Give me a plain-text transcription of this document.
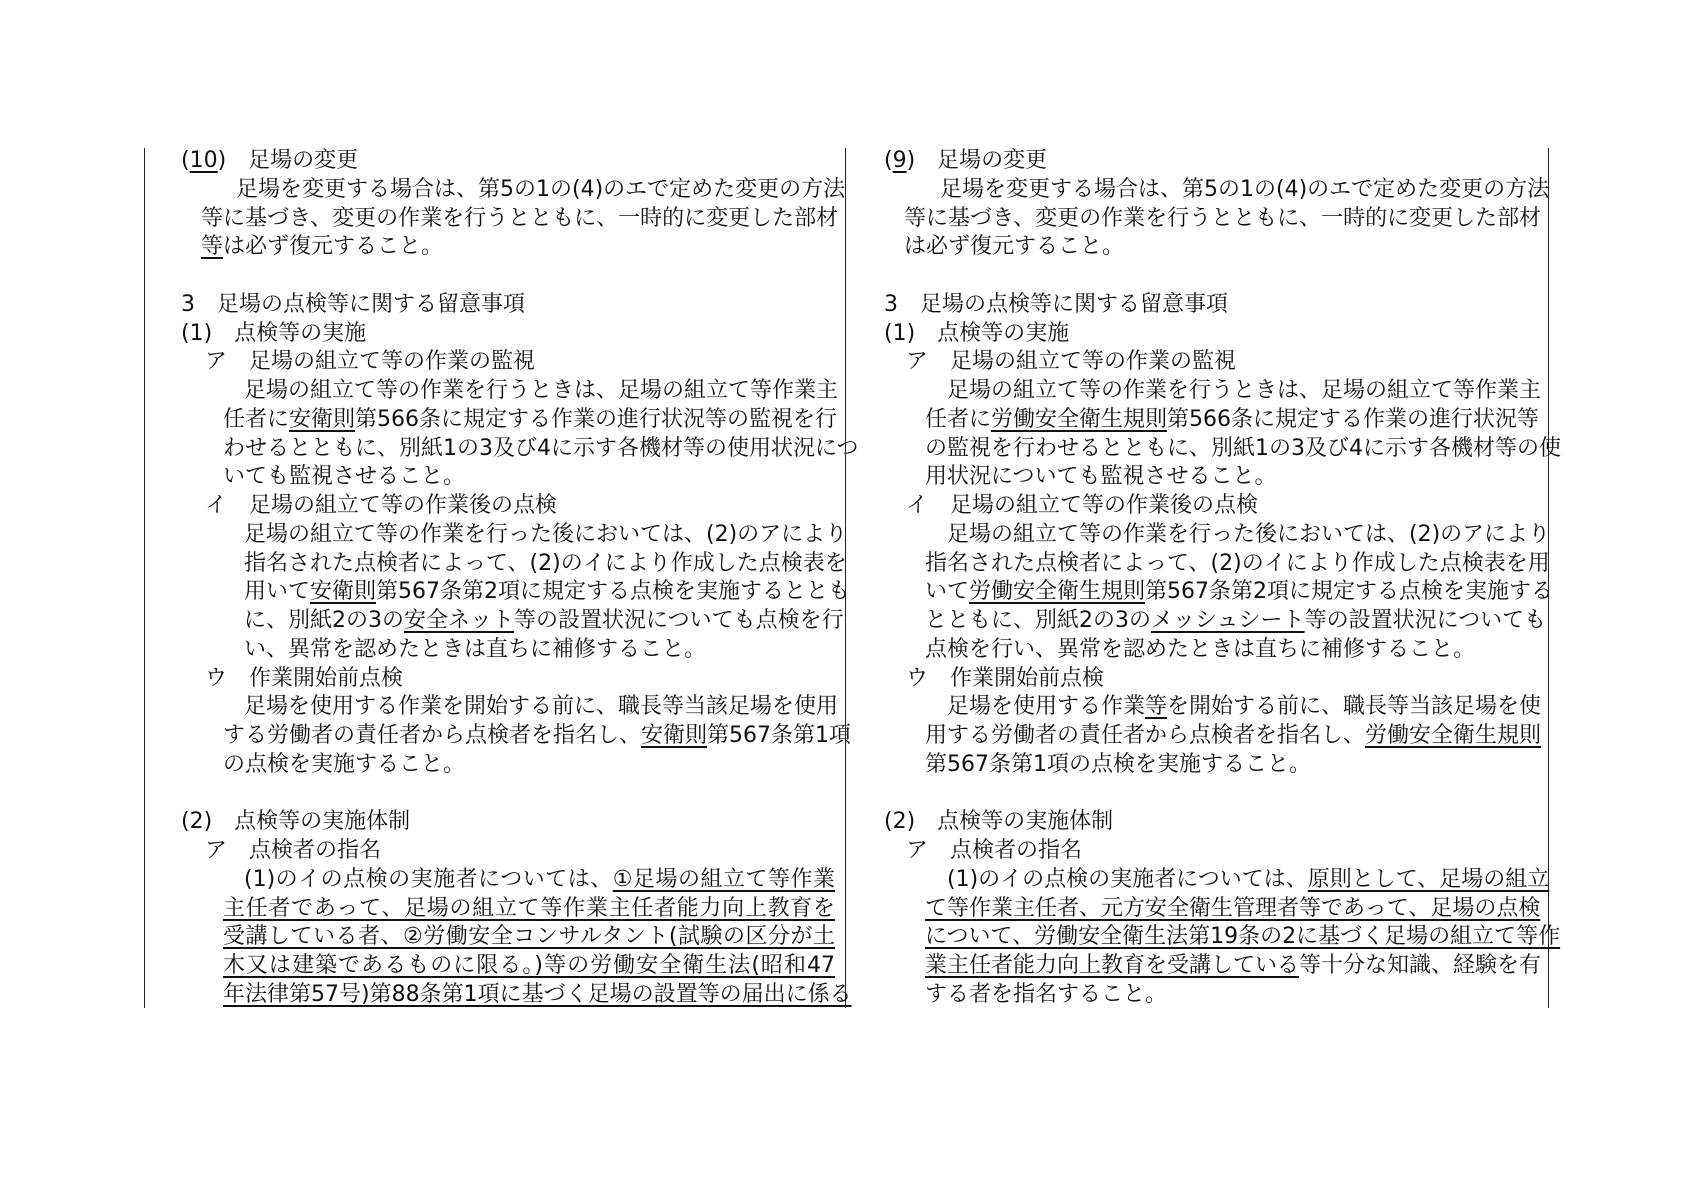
(10)　足場の変更
足場を変更する場合は、第5の1の(4)のエで定めた変更の方法
等に基づき、変更の作業を行うとともに、一時的に変更した部材
等は必ず復元すること。
3　足場の点検等に関する留意事項
(1)　点検等の実施
ア　足場の組立て等の作業の監視
足場の組立て等の作業を行うときは、足場の組立て等作業主
任者に安衛則第566条に規定する作業の進行状況等の監視を行
わせるとともに、別紙1の3及び4に示す各機材等の使用状況につ
いても監視させること。
イ　足場の組立て等の作業後の点検
足場の組立て等の作業を行った後においては、(2)のアにより
指名された点検者によって、(2)のイにより作成した点検表を
用いて安衛則第567条第2項に規定する点検を実施するととも
に、別紙2の3の安全ネット等の設置状況についても点検を行
い、異常を認めたときは直ちに補修すること。
ウ　作業開始前点検
足場を使用する作業を開始する前に、職長等当該足場を使用
する労働者の責任者から点検者を指名し、安衛則第567条第1項
の点検を実施すること。
(2)　点検等の実施体制
ア　点検者の指名
(1)のイの点検の実施者については、①足場の組立て等作業
主任者であって、足場の組立て等作業主任者能力向上教育を
受講している者、②労働安全コンサルタント(試験の区分が土
木又は建築であるものに限る。)等の労働安全衛生法(昭和47
年法律第57号)第88条第1項に基づく足場の設置等の届出に係る
(9)　足場の変更
足場を変更する場合は、第5の1の(4)のエで定めた変更の方法
等に基づき、変更の作業を行うとともに、一時的に変更した部材
は必ず復元すること。
3　足場の点検等に関する留意事項
(1)　点検等の実施
ア　足場の組立て等の作業の監視
足場の組立て等の作業を行うときは、足場の組立て等作業主
任者に労働安全衛生規則第566条に規定する作業の進行状況等
の監視を行わせるとともに、別紙1の3及び4に示す各機材等の使
用状況についても監視させること。
イ　足場の組立て等の作業後の点検
足場の組立て等の作業を行った後においては、(2)のアにより
指名された点検者によって、(2)のイにより作成した点検表を用
いて労働安全衛生規則第567条第2項に規定する点検を実施する
とともに、別紙2の3のメッシュシート等の設置状況についても
点検を行い、異常を認めたときは直ちに補修すること。
ウ　作業開始前点検
足場を使用する作業等を開始する前に、職長等当該足場を使
用する労働者の責任者から点検者を指名し、労働安全衛生規則
第567条第1項の点検を実施すること。
(2)　点検等の実施体制
ア　点検者の指名
(1)のイの点検の実施者については、原則として、足場の組立
て等作業主任者、元方安全衛生管理者等であって、足場の点検
について、労働安全衛生法第19条の2に基づく足場の組立て等作
業主任者能力向上教育を受講している等十分な知識、経験を有
する者を指名すること。
